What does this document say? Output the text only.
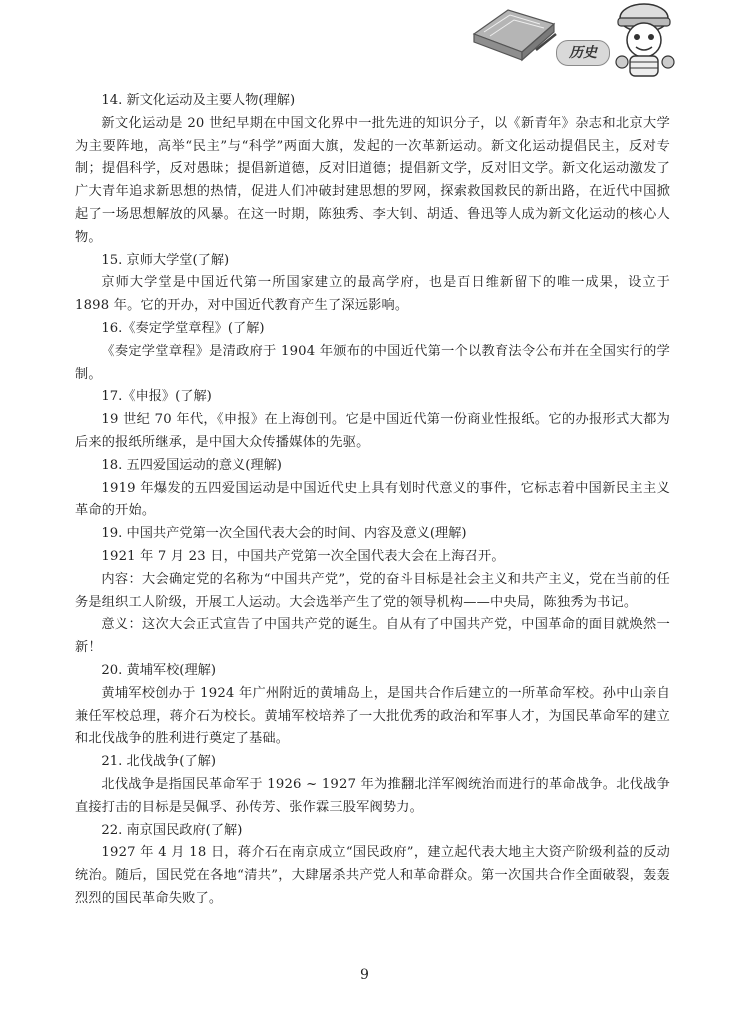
历史

14. 新文化运动及主要人物(理解)

新文化运动是 20 世纪早期在中国文化界中一批先进的知识分子，以《新青年》杂志和北京大学为主要阵地，高举“民主”与“科学”两面大旗，发起的一次革新运动。新文化运动提倡民主，反对专制；提倡科学，反对愚昧；提倡新道德，反对旧道德；提倡新文学，反对旧文学。新文化运动激发了广大青年追求新思想的热情，促进人们冲破封建思想的罗网，探索救国救民的新出路，在近代中国掀起了一场思想解放的风暴。在这一时期，陈独秀、李大钊、胡适、鲁迅等人成为新文化运动的核心人物。

15. 京师大学堂(了解)

京师大学堂是中国近代第一所国家建立的最高学府，也是百日维新留下的唯一成果，设立于 1898 年。它的开办，对中国近代教育产生了深远影响。

16.《奏定学堂章程》(了解)

《奏定学堂章程》是清政府于 1904 年颁布的中国近代第一个以教育法令公布并在全国实行的学制。

17.《申报》(了解)

19 世纪 70 年代，《申报》在上海创刊。它是中国近代第一份商业性报纸。它的办报形式大都为后来的报纸所继承，是中国大众传播媒体的先驱。

18. 五四爱国运动的意义(理解)

1919 年爆发的五四爱国运动是中国近代史上具有划时代意义的事件，它标志着中国新民主主义革命的开始。

19. 中国共产党第一次全国代表大会的时间、内容及意义(理解)

1921 年 7 月 23 日，中国共产党第一次全国代表大会在上海召开。

内容：大会确定党的名称为“中国共产党”，党的奋斗目标是社会主义和共产主义，党在当前的任务是组织工人阶级，开展工人运动。大会选举产生了党的领导机构——中央局，陈独秀为书记。

意义：这次大会正式宣告了中国共产党的诞生。自从有了中国共产党，中国革命的面目就焕然一新！

20. 黄埔军校(理解)

黄埔军校创办于 1924 年广州附近的黄埔岛上，是国共合作后建立的一所革命军校。孙中山亲自兼任军校总理，蒋介石为校长。黄埔军校培养了一大批优秀的政治和军事人才，为国民革命军的建立和北伐战争的胜利进行奠定了基础。

21. 北伐战争(了解)

北伐战争是指国民革命军于 1926 ~ 1927 年为推翻北洋军阀统治而进行的革命战争。北伐战争直接打击的目标是吴佩孚、孙传芳、张作霖三股军阀势力。

22. 南京国民政府(了解)

1927 年 4 月 18 日，蒋介石在南京成立“国民政府”，建立起代表大地主大资产阶级利益的反动统治。随后，国民党在各地“清共”，大肆屠杀共产党人和革命群众。第一次国共合作全面破裂，轰轰烈烈的国民革命失败了。

9
